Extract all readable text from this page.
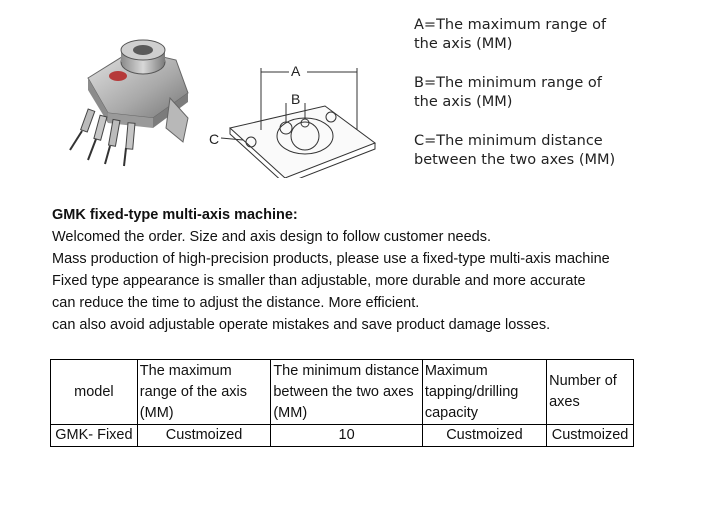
A
B
C

A=The maximum range of
the axis (MM)

B=The minimum range of
the axis (MM)

C=The minimum distance
between the two axes (MM)

GMK fixed-type multi-axis machine:
Welcomed the order. Size and axis design to follow customer needs.
Mass production of high-precision products, please use a fixed-type multi-axis machine
Fixed type appearance is smaller than adjustable, more durable and more accurate
can reduce the time to adjust the distance. More efficient.
can also avoid adjustable operate mistakes and save product damage losses.
model	The maximum range of the axis (MM)	The minimum distance between the two axes (MM)	Maximum tapping/drilling capacity	Number of axes
GMK- Fixed	Custmoized	10	Custmoized	Custmoized
